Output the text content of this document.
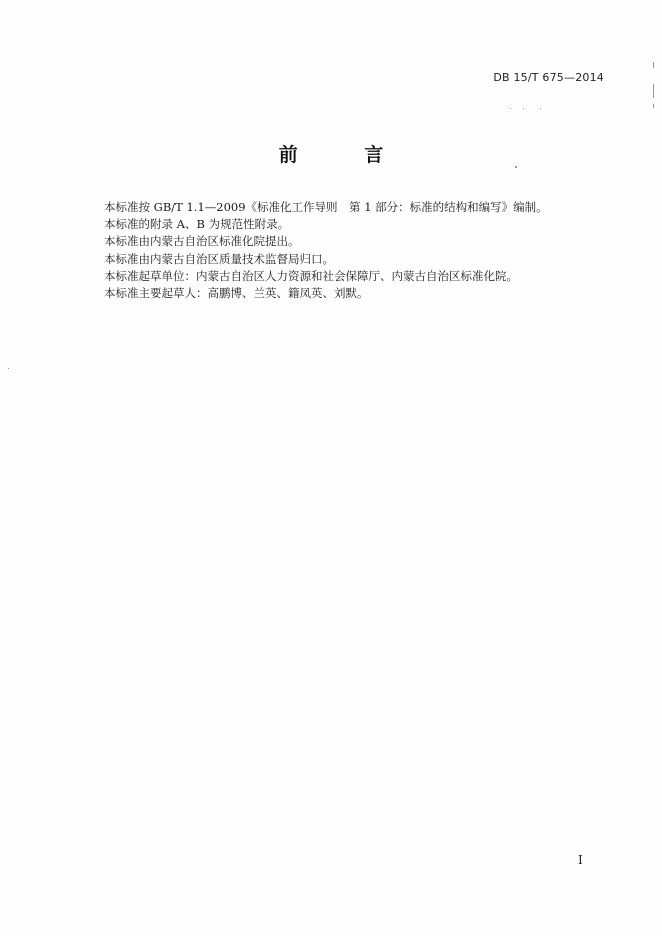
DB 15/T 675—2014
前 言
本标准按 GB/T 1.1—2009《标准化工作导则　第 1 部分：标准的结构和编写》编制。
本标准的附录 A、B 为规范性附录。
本标准由内蒙古自治区标准化院提出。
本标准由内蒙古自治区质量技术监督局归口。
本标准起草单位：内蒙古自治区人力资源和社会保障厅、内蒙古自治区标准化院。
本标准主要起草人：高鹏博、兰英、籍凤英、刘默。
I
